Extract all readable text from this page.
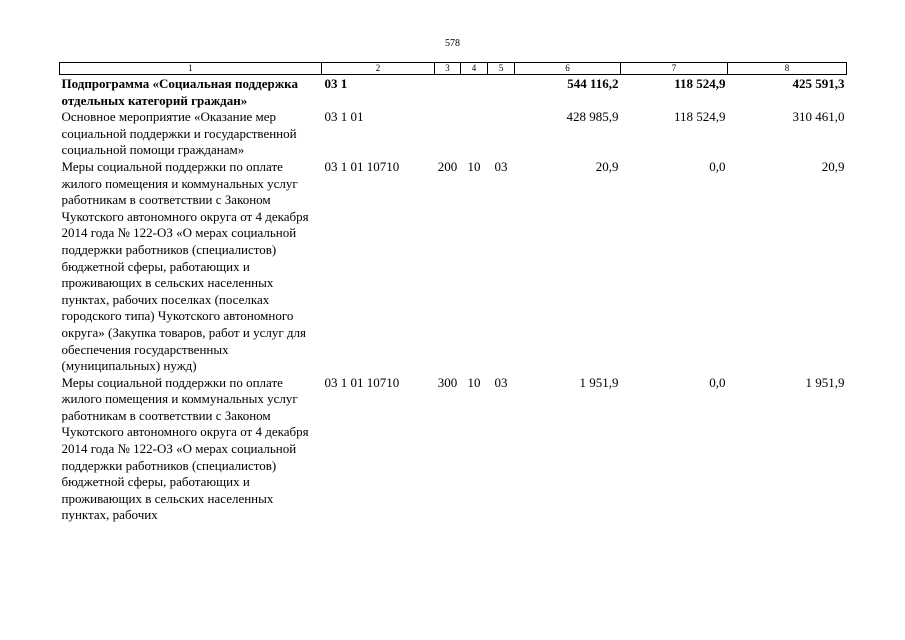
578
1	2	3	4	5	6	7	8
Подпрограмма «Социальная поддержка отдельных категорий граждан»	03 1				544 116,2	118 524,9	425 591,3
Основное мероприятие «Оказание мер социальной поддержки и государственной социальной помощи гражданам»	03 1 01				428 985,9	118 524,9	310 461,0
Меры социальной поддержки по оплате жилого помещения и коммунальных услуг работникам в соответствии с Законом Чукотского автономного округа от 4 декабря 2014 года № 122-ОЗ «О мерах социальной поддержки работников (специалистов) бюджетной сферы, работающих и проживающих в сельских населенных пунктах, рабочих поселках (поселках городского типа) Чукотского автономного округа» (Закупка товаров, работ и услуг для обеспечения государственных (муниципальных) нужд)	03 1 01 10710	200	10	03	20,9	0,0	20,9
Меры социальной поддержки по оплате жилого помещения и коммунальных услуг работникам в соответствии с Законом Чукотского автономного округа от 4 декабря 2014 года № 122-ОЗ «О мерах социальной поддержки работников (специалистов) бюджетной сферы, работающих и проживающих в сельских населенных пунктах, рабочих	03 1 01 10710	300	10	03	1 951,9	0,0	1 951,9
